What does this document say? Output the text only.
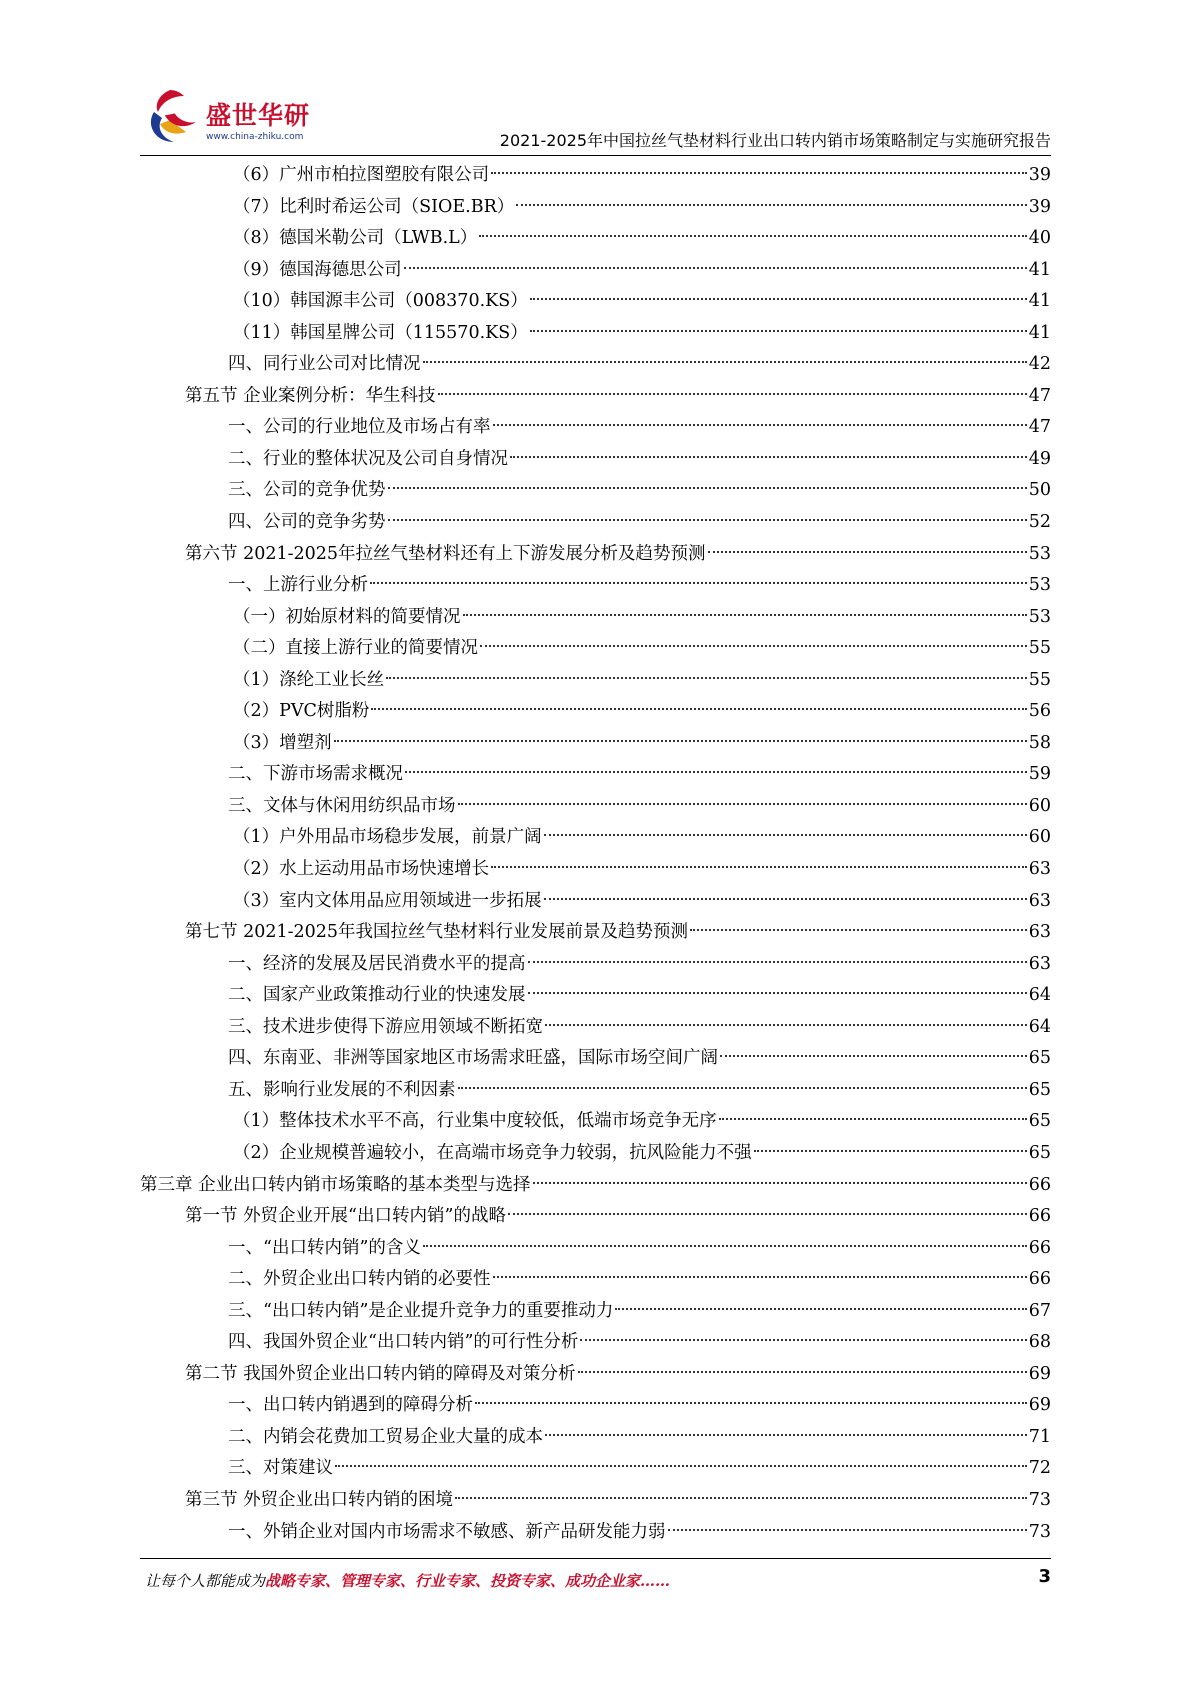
盛世华研
www.china-zhiku.com	2021-2025年中国拉丝气垫材料行业出口转内销市场策略制定与实施研究报告
（6）广州市柏拉图塑胶有限公司	39
（7）比利时希运公司（SIOE.BR）	39
（8）德国米勒公司（LWB.L）	40
（9）德国海德思公司	41
（10）韩国源丰公司（008370.KS）	41
（11）韩国星牌公司（115570.KS）	41
四、同行业公司对比情况	42
第五节 企业案例分析：华生科技	47
一、公司的行业地位及市场占有率	47
二、行业的整体状况及公司自身情况	49
三、公司的竞争优势	50
四、公司的竞争劣势	52
第六节 2021-2025年拉丝气垫材料还有上下游发展分析及趋势预测	53
一、上游行业分析	53
（一）初始原材料的简要情况	53
（二）直接上游行业的简要情况	55
（1）涤纶工业长丝	55
（2）PVC树脂粉	56
（3）增塑剂	58
二、下游市场需求概况	59
三、文体与休闲用纺织品市场	60
（1）户外用品市场稳步发展，前景广阔	60
（2）水上运动用品市场快速增长	63
（3）室内文体用品应用领域进一步拓展	63
第七节 2021-2025年我国拉丝气垫材料行业发展前景及趋势预测	63
一、经济的发展及居民消费水平的提高	63
二、国家产业政策推动行业的快速发展	64
三、技术进步使得下游应用领域不断拓宽	64
四、东南亚、非洲等国家地区市场需求旺盛，国际市场空间广阔	65
五、影响行业发展的不利因素	65
（1）整体技术水平不高，行业集中度较低，低端市场竞争无序	65
（2）企业规模普遍较小，在高端市场竞争力较弱，抗风险能力不强	65
第三章 企业出口转内销市场策略的基本类型与选择	66
第一节 外贸企业开展“出口转内销”的战略	66
一、“出口转内销”的含义	66
二、外贸企业出口转内销的必要性	66
三、“出口转内销”是企业提升竞争力的重要推动力	67
四、我国外贸企业“出口转内销”的可行性分析	68
第二节 我国外贸企业出口转内销的障碍及对策分析	69
一、出口转内销遇到的障碍分析	69
二、内销会花费加工贸易企业大量的成本	71
三、对策建议	72
第三节 外贸企业出口转内销的困境	73
一、外销企业对国内市场需求不敏感、新产品研发能力弱	73
让每个人都能成为战略专家、管理专家、行业专家、投资专家、成功企业家……	3
